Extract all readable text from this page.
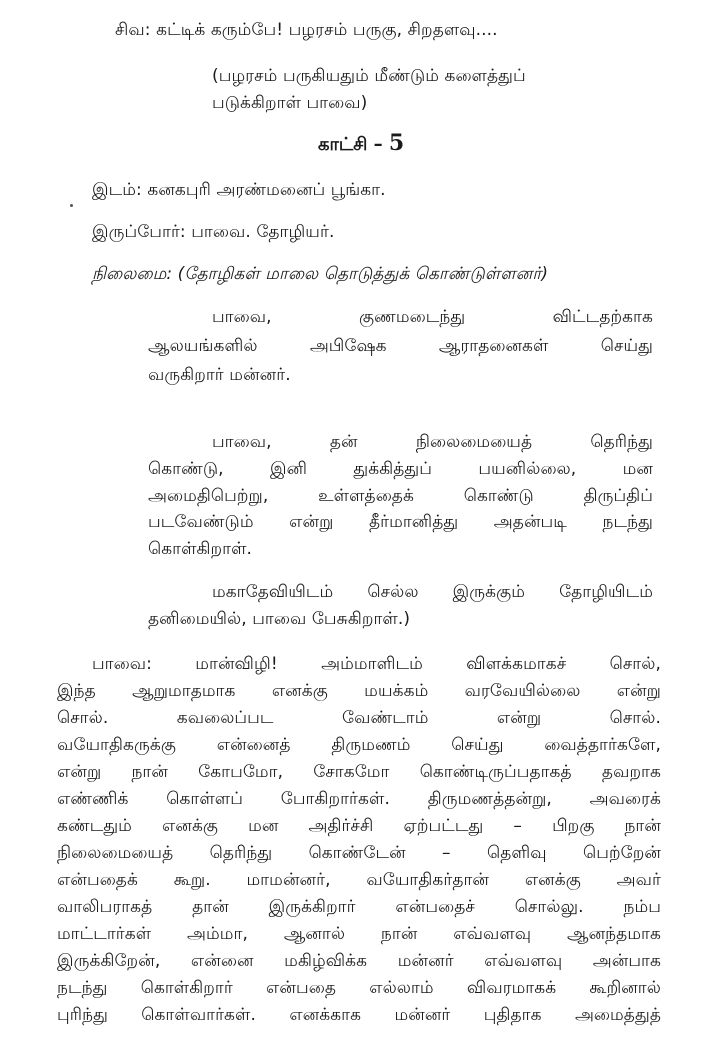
சிவ: கட்டிக் கரும்பே! பழரசம் பருகு, சிறதளவு....
(பழரசம் பருகியதும் மீண்டும் களைத்துப்
படுக்கிறாள் பாவை)
காட்சி – 5
இடம்: கனகபுரி அரண்மனைப் பூங்கா.
இருப்போர்: பாவை. தோழியர்.
நிலைமை: (தோழிகள் மாலை தொடுத்துக் கொண்டுள்ளனர்)
பாவை, குணமடைந்து விட்டதற்காக
ஆலயங்களில் அபிஷேக ஆராதனைகள் செய்து
வருகிறார் மன்னர்.
பாவை, தன் நிலைமையைத் தெரிந்து
கொண்டு, இனி துக்கித்துப் பயனில்லை, மன
அமைதிபெற்று, உள்ளத்தைக் கொண்டு திருப்திப்
படவேண்டும் என்று தீர்மானித்து அதன்படி நடந்து
கொள்கிறாள்.
மகாதேவியிடம் செல்ல இருக்கும் தோழியிடம்
தனிமையில், பாவை பேசுகிறாள்.)
பாவை: மான்விழி! அம்மாளிடம் விளக்கமாகச் சொல்,
இந்த ஆறுமாதமாக எனக்கு மயக்கம் வரவேயில்லை என்று
சொல். கவலைப்பட வேண்டாம் என்று சொல்.
வயோதிகருக்கு என்னைத் திருமணம் செய்து வைத்தார்களே,
என்று நான் கோபமோ, சோகமோ கொண்டிருப்பதாகத் தவறாக
எண்ணிக் கொள்ளப் போகிறார்கள். திருமணத்தன்று, அவரைக்
கண்டதும் எனக்கு மன அதிர்ச்சி ஏற்பட்டது – பிறகு நான்
நிலைமையைத் தெரிந்து கொண்டேன் – தெளிவு பெற்றேன்
என்பதைக் கூறு. மாமன்னர், வயோதிகர்தான் எனக்கு அவர்
வாலிபராகத் தான் இருக்கிறார் என்பதைச் சொல்லு. நம்ப
மாட்டார்கள் அம்மா, ஆனால் நான் எவ்வளவு ஆனந்தமாக
இருக்கிறேன், என்னை மகிழ்விக்க மன்னர் எவ்வளவு அன்பாக
நடந்து கொள்கிறார் என்பதை எல்லாம் விவரமாகக் கூறினால்
புரிந்து கொள்வார்கள். எனக்காக மன்னர் புதிதாக அமைத்துத்
